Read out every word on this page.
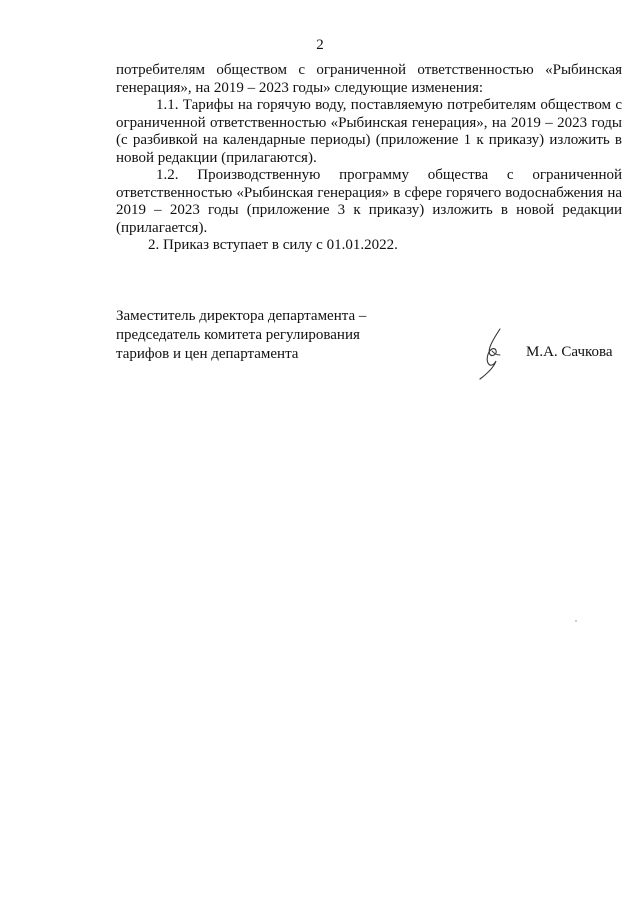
2

потребителям обществом с ограниченной ответственностью «Рыбинская генерация», на 2019 – 2023 годы» следующие изменения:

1.1. Тарифы на горячую воду, поставляемую потребителям обществом с ограниченной ответственностью «Рыбинская генерация», на 2019 – 2023 годы (с разбивкой на календарные периоды) (приложение 1 к приказу) изложить в новой редакции (прилагаются).

1.2. Производственную программу общества с ограниченной ответственностью «Рыбинская генерация» в сфере горячего водоснабжения на 2019 – 2023 годы (приложение 3 к приказу) изложить в новой редакции (прилагается).

2. Приказ вступает в силу с 01.01.2022.

Заместитель директора департамента –
председатель комитета регулирования
тарифов и цен департамента	М.А. Сачкова
